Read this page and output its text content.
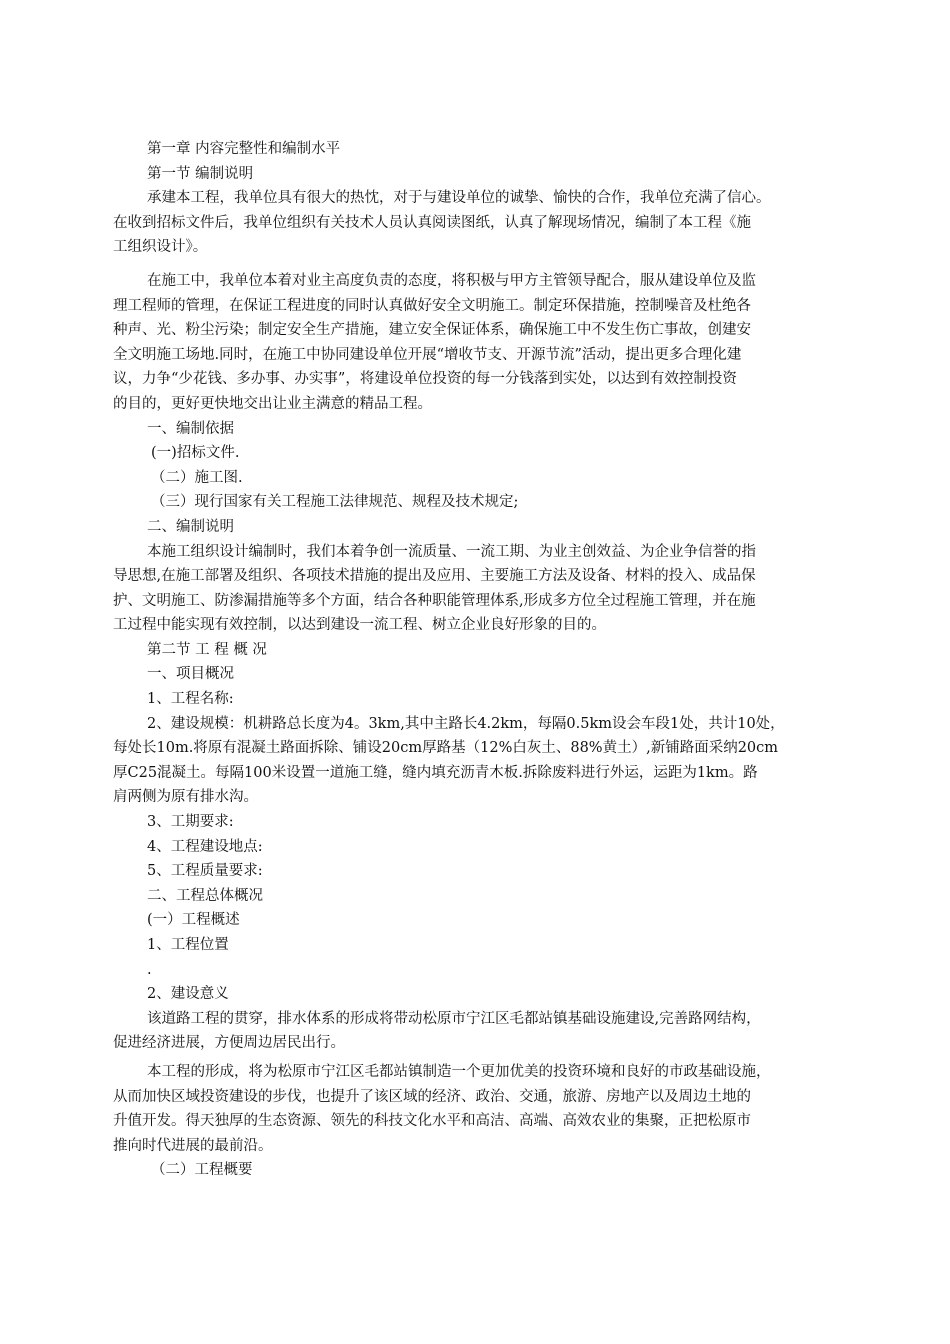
第一章 内容完整性和编制水平
第一节 编制说明
承建本工程，我单位具有很大的热忱，对于与建设单位的诚挚、愉快的合作，我单位充满了信心。
在收到招标文件后，我单位组织有关技术人员认真阅读图纸，认真了解现场情况，编制了本工程《施
工组织设计》。
在施工中，我单位本着对业主高度负责的态度，将积极与甲方主管领导配合，服从建设单位及监
理工程师的管理，在保证工程进度的同时认真做好安全文明施工。制定环保措施，控制噪音及杜绝各
种声、光、粉尘污染；制定安全生产措施，建立安全保证体系，确保施工中不发生伤亡事故，创建安
全文明施工场地.同时，在施工中协同建设单位开展“增收节支、开源节流”活动，提出更多合理化建
议，力争“少花钱、多办事、办实事”，将建设单位投资的每一分钱落到实处，以达到有效控制投资
的目的，更好更快地交出让业主满意的精品工程。
一、编制依据
(一)招标文件.
（二）施工图.
（三）现行国家有关工程施工法律规范、规程及技术规定;
二、编制说明
本施工组织设计编制时，我们本着争创一流质量、一流工期、为业主创效益、为企业争信誉的指
导思想,在施工部署及组织、各项技术措施的提出及应用、主要施工方法及设备、材料的投入、成品保
护、文明施工、防渗漏措施等多个方面，结合各种职能管理体系,形成多方位全过程施工管理，并在施
工过程中能实现有效控制，以达到建设一流工程、树立企业良好形象的目的。
第二节 工 程 概 况
一、项目概况
1、工程名称:
2、建设规模：机耕路总长度为4。3km,其中主路长4.2km，每隔0.5km设会车段1处，共计10处，
每处长10m.将原有混凝土路面拆除、铺设20cm厚路基（12%白灰土、88%黄土）,新铺路面采纳20cm
厚C25混凝土。每隔100米设置一道施工缝，缝内填充沥青木板.拆除废料进行外运，运距为1km。路
肩两侧为原有排水沟。
3、工期要求:
4、工程建设地点:
5、工程质量要求:
二、工程总体概况
(一）工程概述
1、工程位置
.
2、建设意义
该道路工程的贯穿，排水体系的形成将带动松原市宁江区毛都站镇基础设施建设,完善路网结构，
促进经济进展，方便周边居民出行。
本工程的形成，将为松原市宁江区毛都站镇制造一个更加优美的投资环境和良好的市政基础设施，
从而加快区域投资建设的步伐，也提升了该区域的经济、政治、交通，旅游、房地产以及周边土地的
升值开发。得天独厚的生态资源、领先的科技文化水平和高洁、高端、高效农业的集聚，正把松原市
推向时代进展的最前沿。
（二）工程概要
